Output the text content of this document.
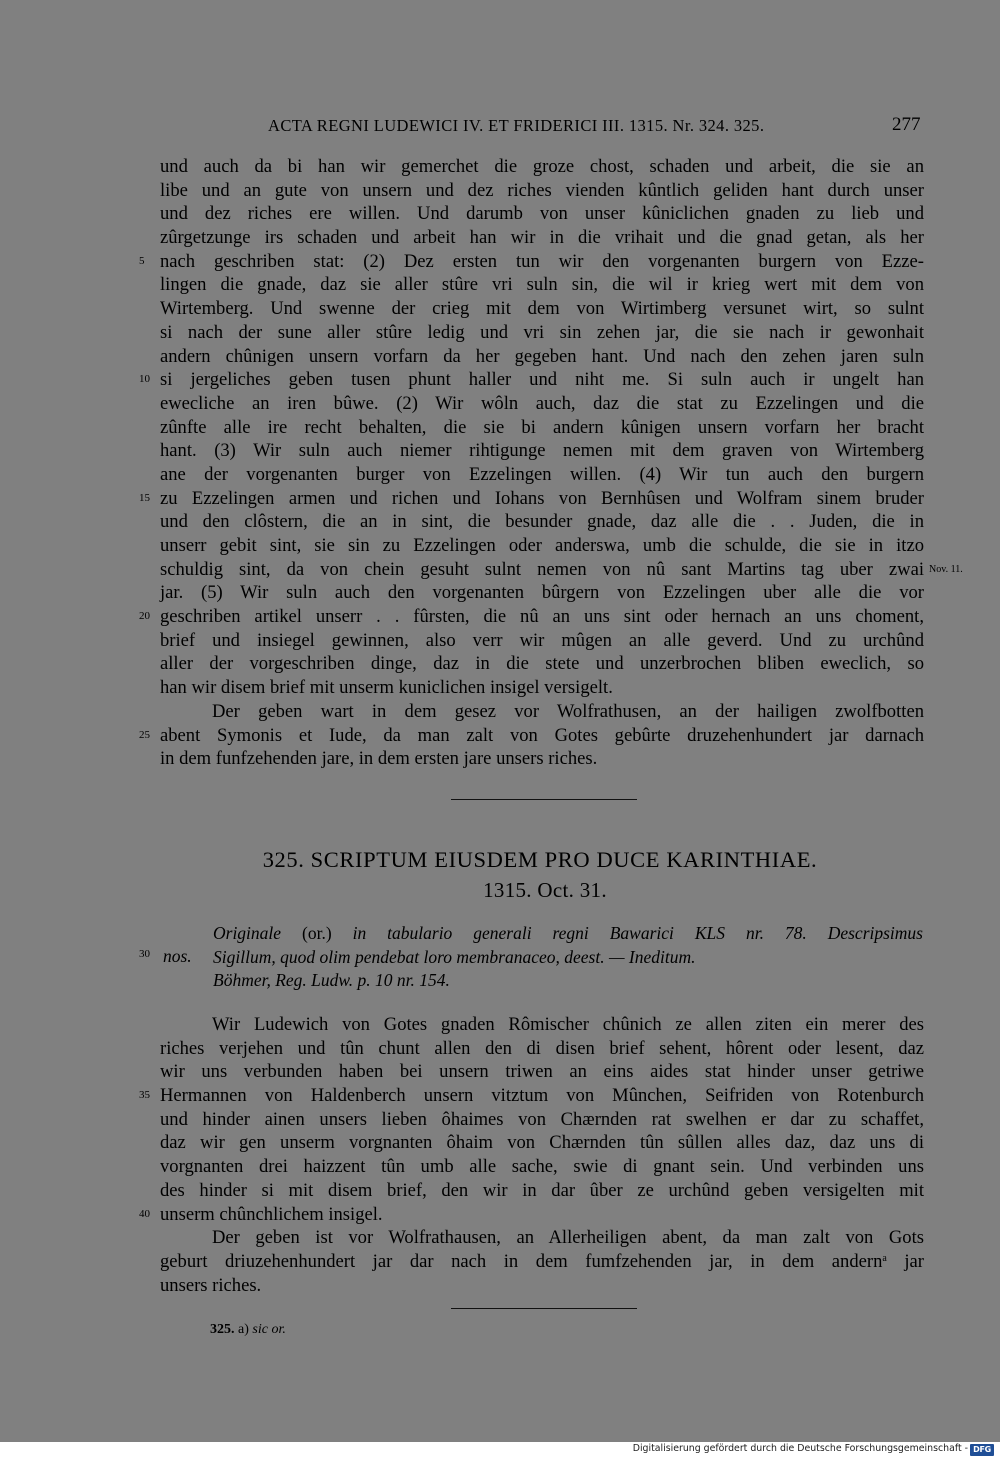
ACTA REGNI LUDEWICI IV. ET FRIDERICI III. 1315. Nr. 324. 325.	277
und auch da bi han wir gemerchet die groze chost, schaden und arbeit, die sie an
libe und an gute von unsern und dez riches vienden kûntlich geliden hant durch unser
und dez riches ere willen. Und darumb von unser kûniclichen gnaden zu lieb und
zûrgetzunge irs schaden und arbeit han wir in die vrihait und die gnad getan, als her
nach geschriben stat: (2) Dez ersten tun wir den vorgenanten burgern von Ezze-
lingen die gnade, daz sie aller stûre vri suln sin, die wil ir krieg wert mit dem von
Wirtemberg. Und swenne der crieg mit dem von Wirtimberg versunet wirt, so sulnt
si nach der sune aller stûre ledig und vri sin zehen jar, die sie nach ir gewonhait
andern chûnigen unsern vorfarn da her gegeben hant. Und nach den zehen jaren suln
si jergeliches geben tusen phunt haller und niht me. Si suln auch ir ungelt han
ewecliche an iren bûwe. (2) Wir wôln auch, daz die stat zu Ezzelingen und die
zûnfte alle ire recht behalten, die sie bi andern kûnigen unsern vorfarn her bracht
hant. (3) Wir suln auch niemer rihtigunge nemen mit dem graven von Wirtemberg
ane der vorgenanten burger von Ezzelingen willen. (4) Wir tun auch den burgern
zu Ezzelingen armen und richen und Iohans von Bernhûsen und Wolfram sinem bruder
und den clôstern, die an in sint, die besunder gnade, daz alle die . . Juden, die in
unserr gebit sint, sie sin zu Ezzelingen oder anderswa, umb die schulde, die sie in itzo
schuldig sint, da von chein gesuht sulnt nemen von nû sant Martins tag uber zwai
jar. (5) Wir suln auch den vorgenanten bûrgern von Ezzelingen uber alle die vor
geschriben artikel unserr . . fûrsten, die nû an uns sint oder hernach an uns choment,
brief und insiegel gewinnen, also verr wir mûgen an alle geverd. Und zu urchûnd
aller der vorgeschriben dinge, daz in die stete und unzerbrochen bliben eweclich, so
han wir disem brief mit unserm kuniclichen insigel versigelt.
Der geben wart in dem gesez vor Wolfrathusen, an der hailigen zwolfbotten
abent Symonis et Iude, da man zalt von Gotes gebûrte druzehenhundert jar darnach
in dem funfzehenden jare, in dem ersten jare unsers riches.
5
10
15
20
25
Nov. 11.
325. SCRIPTUM EIUSDEM PRO DUCE KARINTHIAE.
1315. Oct. 31.
Originale (or.) in tabulario generali regni Bawarici KLS nr. 78. Descripsimus
Sigillum, quod olim pendebat loro membranaceo, deest. — Ineditum.
Böhmer, Reg. Ludw. p. 10 nr. 154.
nos.
Wir Ludewich von Gotes gnaden Rômischer chûnich ze allen ziten ein merer des
riches verjehen und tûn chunt allen den di disen brief sehent, hôrent oder lesent, daz
wir uns verbunden haben bei unsern triwen an eins aides stat hinder unser getriwe
Hermannen von Haldenberch unsern vitztum von Mûnchen, Seifriden von Rotenburch
und hinder ainen unsers lieben ôhaimes von Chærnden rat swelhen er dar zu schaffet,
daz wir gen unserm vorgnanten ôhaim von Chærnden tûn sûllen alles daz, daz uns di
vorgnanten drei haizzent tûn umb alle sache, swie di gnant sein. Und verbinden uns
des hinder si mit disem brief, den wir in dar ûber ze urchûnd geben versigelten mit
unserm chûnchlichem insigel.
Der geben ist vor Wolfrathausen, an Allerheiligen abent, da man zalt von Gots
geburt driuzehenhundert jar dar nach in dem fumfzehenden jar, in dem andern$^a$ jar
unsers riches.
30
35
40
325. a) sic or.
Digitalisierung gefördert durch die Deutsche Forschungsgemeinschaft - DFG
